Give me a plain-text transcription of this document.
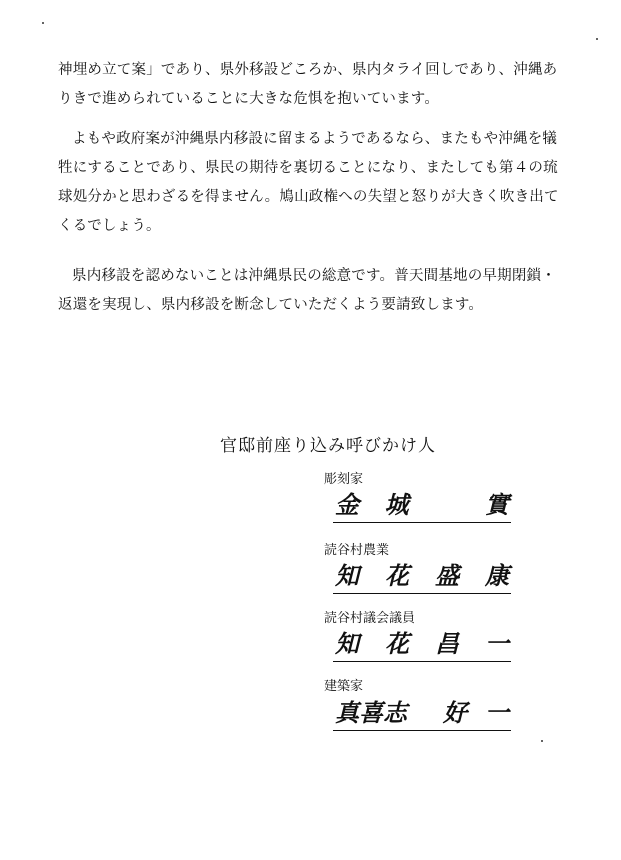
神埋め立て案」であり、県外移設どころか、県内タライ回しであり、沖縄ありきで進められていることに大きな危惧を抱いています。

よもや政府案が沖縄県内移設に留まるようであるなら、またもや沖縄を犠牲にすることであり、県民の期待を裏切ることになり、またしても第４の琉球処分かと思わざるを得ません。鳩山政権への失望と怒りが大きく吹き出てくるでしょう。

県内移設を認めないことは沖縄県民の総意です。普天間基地の早期閉鎖・返還を実現し、県内移設を断念していただくよう要請致します。

官邸前座り込み呼びかけ人

彫刻家

金 城	實

読谷村農業

知 花 盛 康

読谷村議会議員

知 花 昌 一

建築家

真喜志 好 一
